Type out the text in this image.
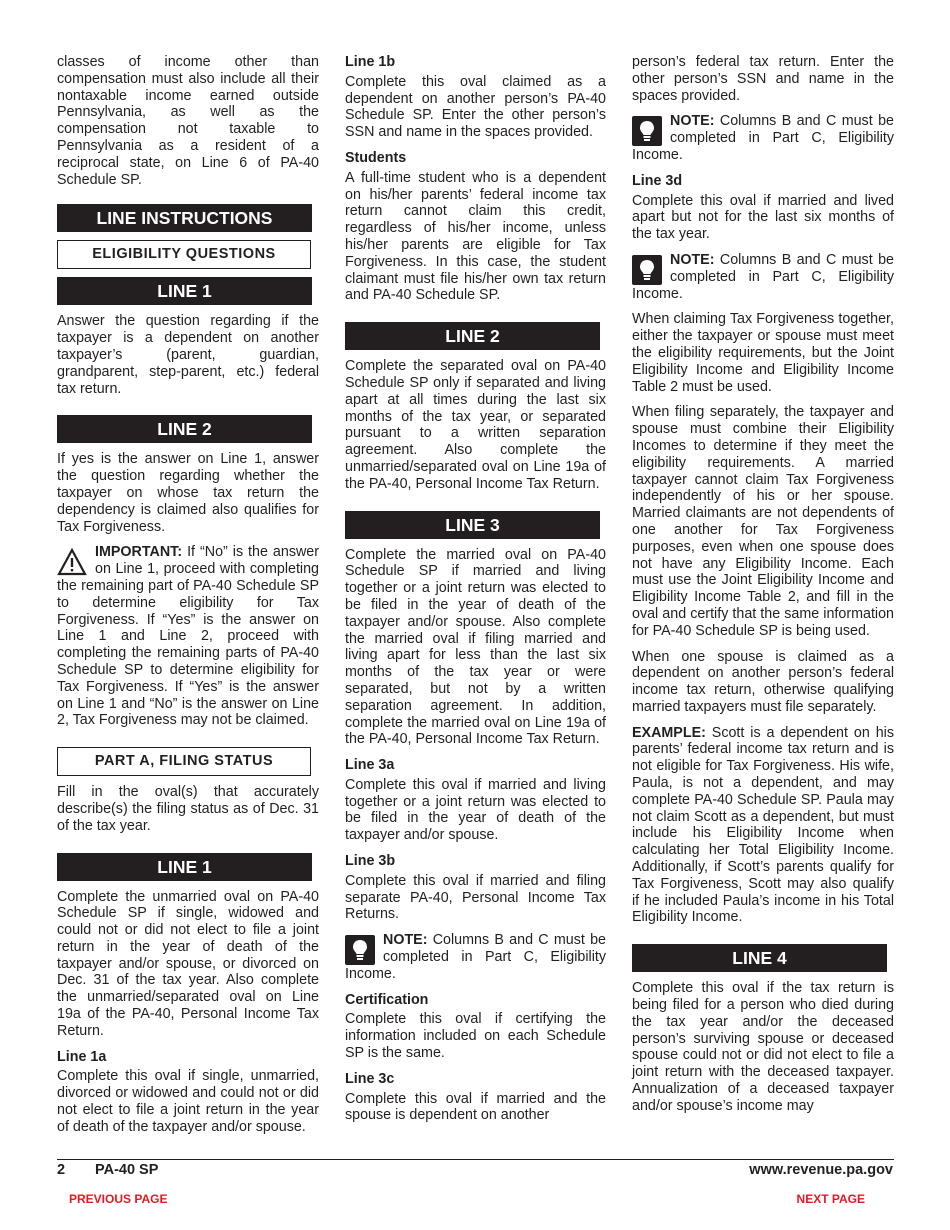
classes of income other than compensation must also include all their nontaxable income earned outside Pennsylvania, as well as the compensation not taxable to Pennsylvania as a resident of a reciprocal state, on Line 6 of PA-40 Schedule SP.

LINE INSTRUCTIONS
ELIGIBILITY QUESTIONS
LINE 1

Answer the question regarding if the taxpayer is a dependent on another taxpayer’s (parent, guardian, grandparent, step-parent, etc.) federal tax return.

LINE 2

If yes is the answer on Line 1, answer the question regarding whether the taxpayer on whose tax return the dependency is claimed also qualifies for Tax Forgiveness.

IMPORTANT: If “No” is the answer on Line 1, proceed with completing the remaining part of PA-40 Schedule SP to determine eligibility for Tax Forgiveness. If “Yes” is the answer on Line 1 and Line 2, proceed with completing the remaining parts of PA-40 Schedule SP to determine eligibility for Tax Forgiveness. If “Yes” is the answer on Line 1 and “No” is the answer on Line 2, Tax Forgiveness may not be claimed.
PART A, FILING STATUS

Fill in the oval(s) that accurately describe(s) the filing status as of Dec. 31 of the tax year.

LINE 1

Complete the unmarried oval on PA-40 Schedule SP if single, widowed and could not or did not elect to file a joint return in the year of death of the taxpayer and/or spouse, or divorced on Dec. 31 of the tax year. Also complete the unmarried/separated oval on Line 19a of the PA-40, Personal Income Tax Return.

Line 1a

Complete this oval if single, unmarried, divorced or widowed and could not or did not elect to file a joint return in the year of death of the taxpayer and/or spouse.

Line 1b

Complete this oval claimed as a dependent on another person’s PA-40 Schedule SP. Enter the other person’s SSN and name in the spaces provided.

Students

A full-time student who is a dependent on his/her parents’ federal income tax return cannot claim this credit, regardless of his/her income, unless his/her parents are eligible for Tax Forgiveness. In this case, the student claimant must file his/her own tax return and PA-40 Schedule SP.

LINE 2

Complete the separated oval on PA-40 Schedule SP only if separated and living apart at all times during the last six months of the tax year, or separated pursuant to a written separation agreement. Also complete the unmarried/separated oval on Line 19a of the PA-40, Personal Income Tax Return.

LINE 3

Complete the married oval on PA-40 Schedule SP if married and living together or a joint return was elected to be filed in the year of death of the taxpayer and/or spouse. Also complete the married oval if filing married and living apart for less than the last six months of the tax year or were separated, but not by a written separation agreement. In addition, complete the married oval on Line 19a of the PA-40, Personal Income Tax Return.

Line 3a

Complete this oval if married and living together or a joint return was elected to be filed in the year of death of the taxpayer and/or spouse.

Line 3b

Complete this oval if married and filing separate PA-40, Personal Income Tax Returns.

NOTE: Columns B and C must be completed in Part C, Eligibility Income.
Certification

Complete this oval if certifying the information included on each Schedule SP is the same.

Line 3c

Complete this oval if married and the spouse is dependent on another

person’s federal tax return. Enter the other person’s SSN and name in the spaces provided.

NOTE: Columns B and C must be completed in Part C, Eligibility Income.
Line 3d

Complete this oval if married and lived apart but not for the last six months of the tax year.

NOTE: Columns B and C must be completed in Part C, Eligibility Income.

When claiming Tax Forgiveness together, either the taxpayer or spouse must meet the eligibility requirements, but the Joint Eligibility Income and Eligibility Income Table 2 must be used.

When filing separately, the taxpayer and spouse must combine their Eligibility Incomes to determine if they meet the eligibility requirements. A married taxpayer cannot claim Tax Forgiveness independently of his or her spouse. Married claimants are not dependents of one another for Tax Forgiveness purposes, even when one spouse does not have any Eligibility Income. Each must use the Joint Eligibility Income and Eligibility Income Table 2, and fill in the oval and certify that the same information for PA-40 Schedule SP is being used.

When one spouse is claimed as a dependent on another person’s federal income tax return, otherwise qualifying married taxpayers must file separately.

EXAMPLE: Scott is a dependent on his parents’ federal income tax return and is not eligible for Tax Forgiveness. His wife, Paula, is not a dependent, and may complete PA-40 Schedule SP. Paula may not claim Scott as a dependent, but must include his Eligibility Income when calculating her Total Eligibility Income. Additionally, if Scott’s parents qualify for Tax Forgiveness, Scott may also qualify if he included Paula’s income in his Total Eligibility Income.

LINE 4

Complete this oval if the tax return is being filed for a person who died during the tax year and/or the deceased person’s surviving spouse or deceased spouse could not or did not elect to file a joint return with the deceased taxpayer. Annualization of a deceased taxpayer and/or spouse’s income may

2 PA-40 SP	www.revenue.pa.gov
PREVIOUS PAGE	NEXT PAGE
